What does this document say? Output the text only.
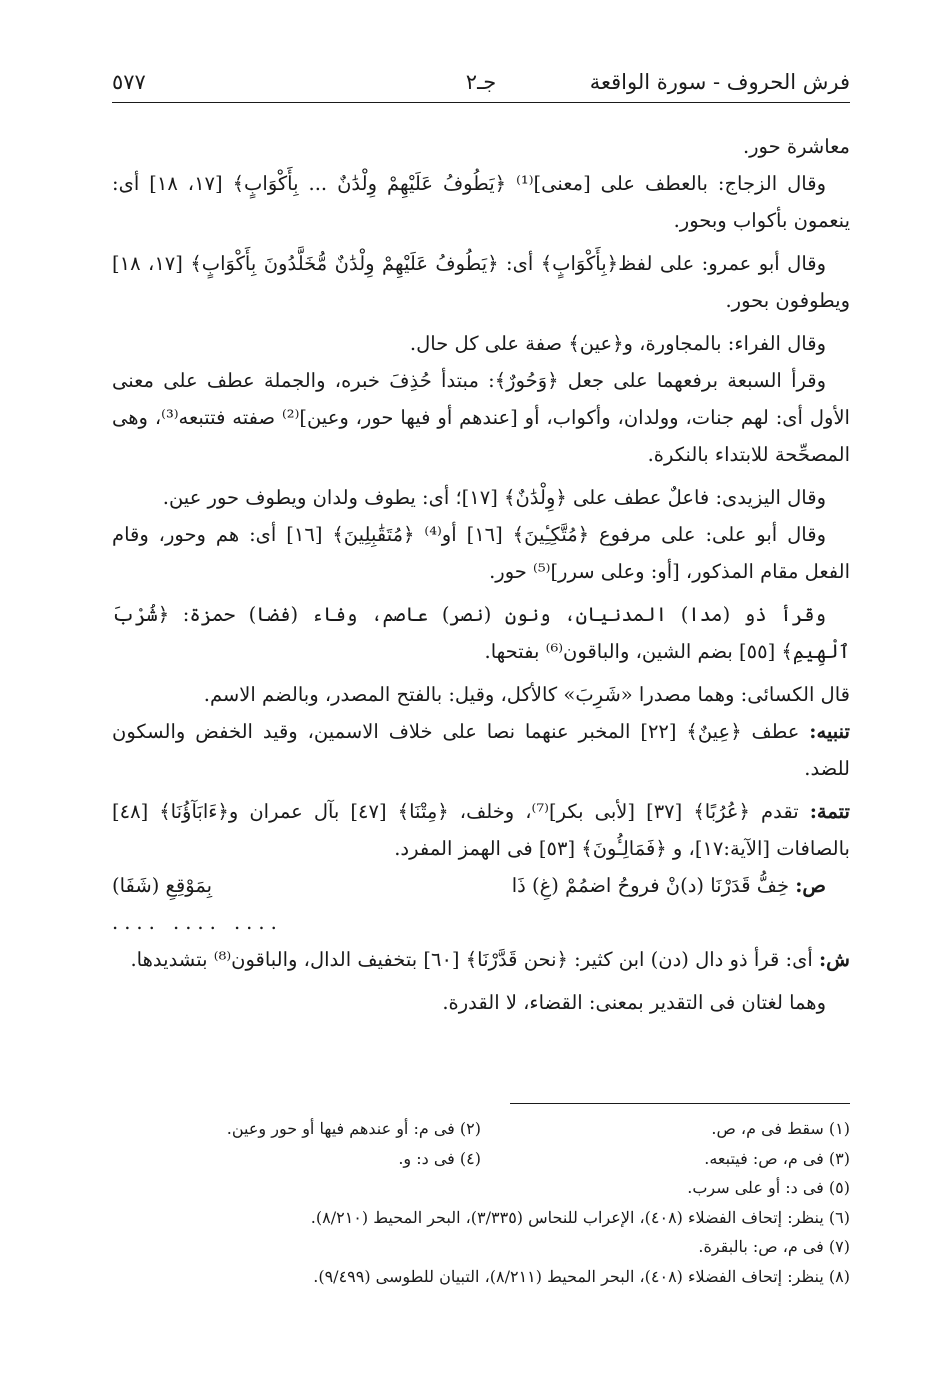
فرش الحروف - سورة الواقعة
جـ٢
٥٧٧

معاشرة حور.

وقال الزجاج: بالعطف على [معنى]⁽¹⁾ ﴿يَطُوفُ عَلَيْهِمْ وِلْدَٰنٌ ... بِأَكْوَابٍ﴾ [١٧، ١٨] أى: ينعمون بأكواب وبحور.

وقال أبو عمرو: على لفظ﴿بِأَكْوَابٍ﴾ أى: ﴿يَطُوفُ عَلَيْهِمْ وِلْدَٰنٌ مُّخَلَّدُونَ بِأَكْوَابٍ﴾ [١٧، ١٨] ويطوفون بحور.

وقال الفراء: بالمجاورة، و﴿عين﴾ صفة على كل حال.

وقرأ السبعة برفعهما على جعل ﴿وَحُورٌ﴾: مبتدأ حُذِفَ خبره، والجملة عطف على معنى الأول أى: لهم جنات، وولدان، وأكواب، أو [عندهم أو فيها حور، وعين]⁽²⁾ صفته فتتبعه⁽³⁾، وهى المصحِّحة للابتداء بالنكرة.

وقال اليزيدى: فاعلٌ عطف على ﴿وِلْدَٰنٌ﴾ [١٧]؛ أى: يطوف ولدان ويطوف حور عين.

وقال أبو على: على مرفوع ﴿مُتَّكِـِٔينَ﴾ [١٦] أو⁽⁴⁾ ﴿مُتَقَٰبِلِينَ﴾ [١٦] أى: هم وحور، وقام الفعل مقام المذكور، [أو: وعلى سرر]⁽⁵⁾ حور.

وقرأ ذو (مدا) المدنيان، ونون (نصر) عاصم، وفاء (فضا) حمزة: ﴿شُرْبَ ٱلْهِيمِ﴾ [٥٥] بضم الشين، والباقون⁽⁶⁾ بفتحها.

قال الكسائى: وهما مصدرا «شَرِبَ» كالأكل، وقيل: بالفتح المصدر، وبالضم الاسم.

تنبيه: عطف ﴿عِينٌ﴾ [٢٢] المخبر عنهما نصا على خلاف الاسمين، وقيد الخفض والسكون للضد.

تتمة: تقدم ﴿عُرُبًا﴾ [٣٧] [لأبى بكر]⁽⁷⁾، وخلف، ﴿مِتْنَا﴾ [٤٧] بآل عمران و﴿ءَابَآؤُنَا﴾ [٤٨] بالصافات [الآية:١٧]، و ﴿فَمَالِـُٔونَ﴾ [٥٣] فى الهمز المفرد.

ص: خِفُّ قَدَرْنَا (د)نْ فروحُ اضمُمْ (غِ) ذَا
بِمَوْقِعِ (شَفَا)
.... .... ....

ش: أى: قرأ ذو دال (دن) ابن كثير: ﴿نحن قَدَّرْنَا﴾ [٦٠] بتخفيف الدال، والباقون⁽⁸⁾ بتشديدها.

وهما لغتان فى التقدير بمعنى: القضاء، لا القدرة.

(١) سقط فى م، ص.
(٢) فى م: أو عندهم فيها أو حور وعين.
(٣) فى م، ص: فيتبعه.
(٤) فى د: و.
(٥) فى د: أو على سرب.
(٦) ينظر: إتحاف الفضلاء (٤٠٨)، الإعراب للنحاس (٣/٣٣٥)، البحر المحيط (٨/٢١٠).
(٧) فى م، ص: بالبقرة.
(٨) ينظر: إتحاف الفضلاء (٤٠٨)، البحر المحيط (٨/٢١١)، التبيان للطوسى (٩/٤٩٩).
